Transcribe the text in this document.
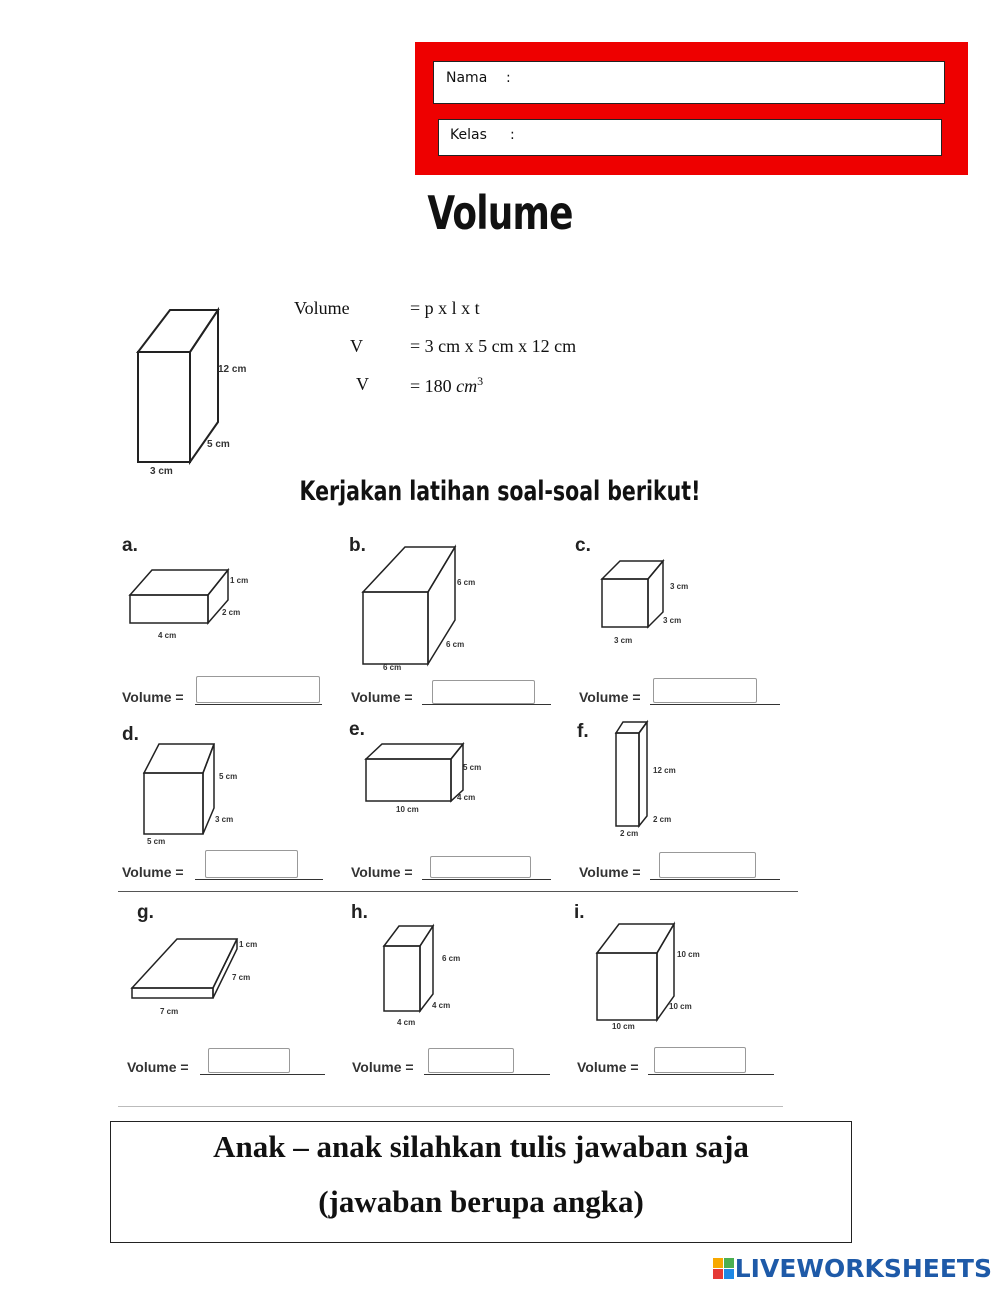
Nama :
Kelas :
Volume
12 cm
5 cm
3 cm
Volume	= p x l x t
V	= 3 cm x 5 cm x 12 cm
V = 180 $cm^3$
Kerjakan latihan soal-soal berikut!
a.	b.	c.
1 cm
2 cm
4 cm
6 cm
6 cm
6 cm
3 cm
3 cm
3 cm
Volume =	Volume =	Volume =
d.	e.	f.
5 cm
3 cm
5 cm
5 cm
4 cm
10 cm
12 cm
2 cm
2 cm
Volume =	Volume =	Volume =
g.	h.	i.
1 cm
7 cm
7 cm
6 cm
4 cm
4 cm
10 cm
10 cm
10 cm
Volume =	Volume =	Volume =
Anak – anak silahkan tulis jawaban saja
(jawaban berupa angka)
LIVEWORKSHEETS
